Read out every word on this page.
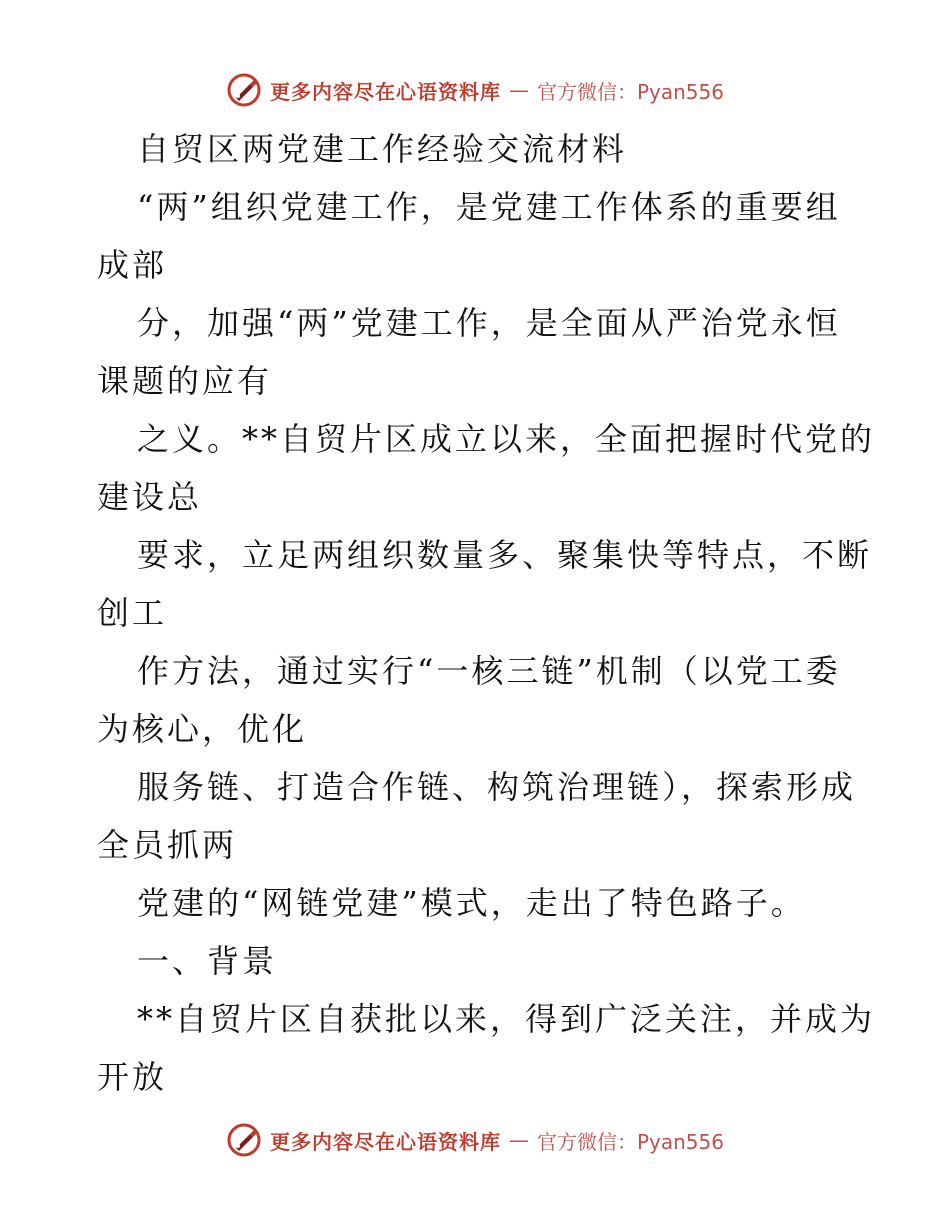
更多内容尽在心语资料库 — 官方微信：Pyan556
自贸区两党建工作经验交流材料
“两”组织党建工作，是党建工作体系的重要组
成部
分，加强“两”党建工作，是全面从严治党永恒
课题的应有
之义。**自贸片区成立以来，全面把握时代党的
建设总
要求，立足两组织数量多、聚集快等特点，不断
创工
作方法，通过实行“一核三链”机制（以党工委
为核心，优化
服务链、打造合作链、构筑治理链），探索形成
全员抓两
党建的“网链党建”模式，走出了特色路子。
一、背景
**自贸片区自获批以来，得到广泛关注，并成为
开放
更多内容尽在心语资料库 — 官方微信：Pyan556
